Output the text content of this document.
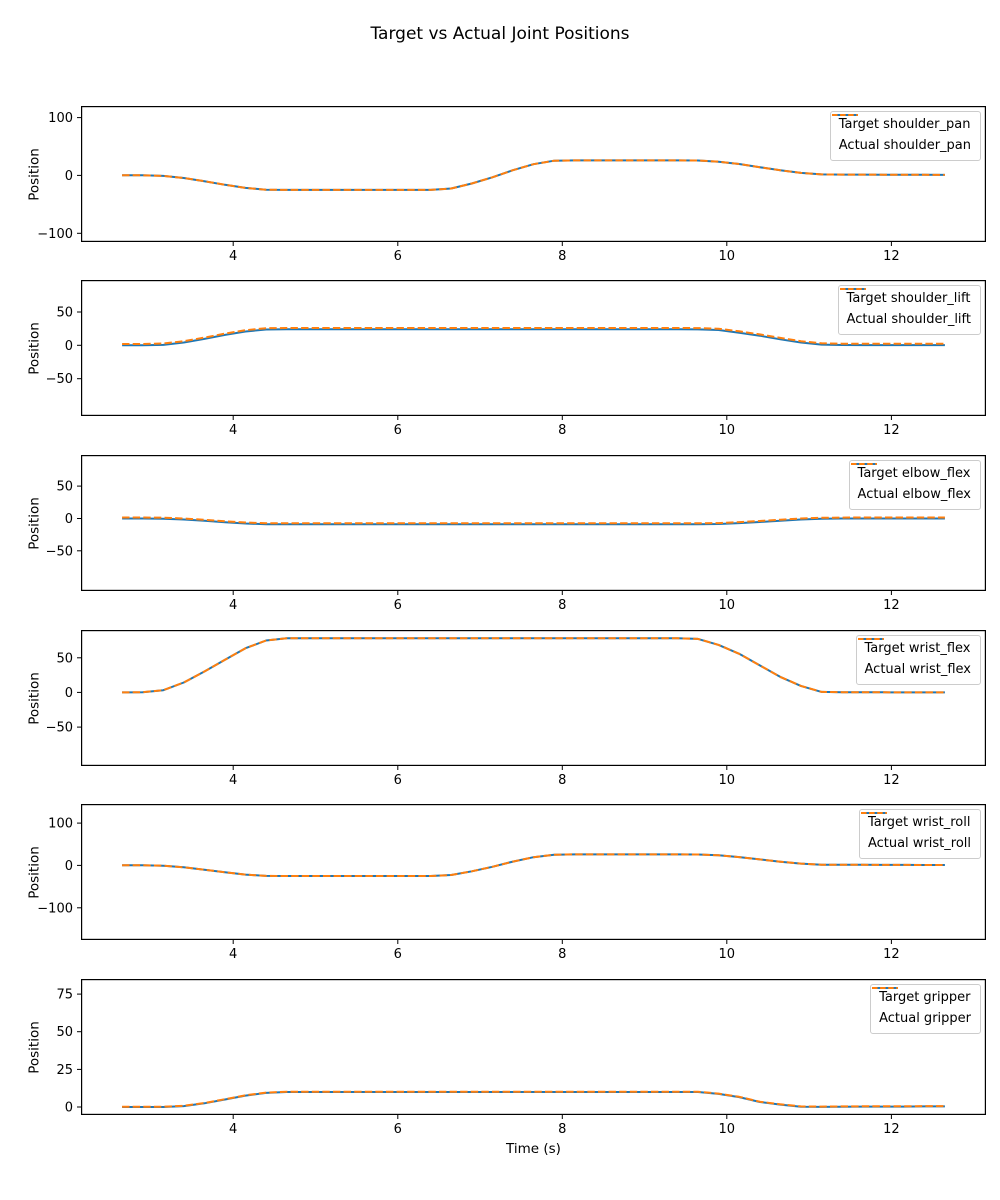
Target vs Actual Joint Positions
4	6	8	10	12
−100
0
100
Position
Target shoulder_pan
Actual shoulder_pan
4	6	8	10	12
−50
0
50
Position
Target shoulder_lift
Actual shoulder_lift
4	6	8	10	12
−50
0
50
Position
Target elbow_flex
Actual elbow_flex
4	6	8	10	12
−50
0
50
Position
Target wrist_flex
Actual wrist_flex
4	6	8	10	12
−100
0
100
Position
Target wrist_roll
Actual wrist_roll
4	6	8	10	12
0
25
50
75
Position
Time (s)
Target gripper
Actual gripper
